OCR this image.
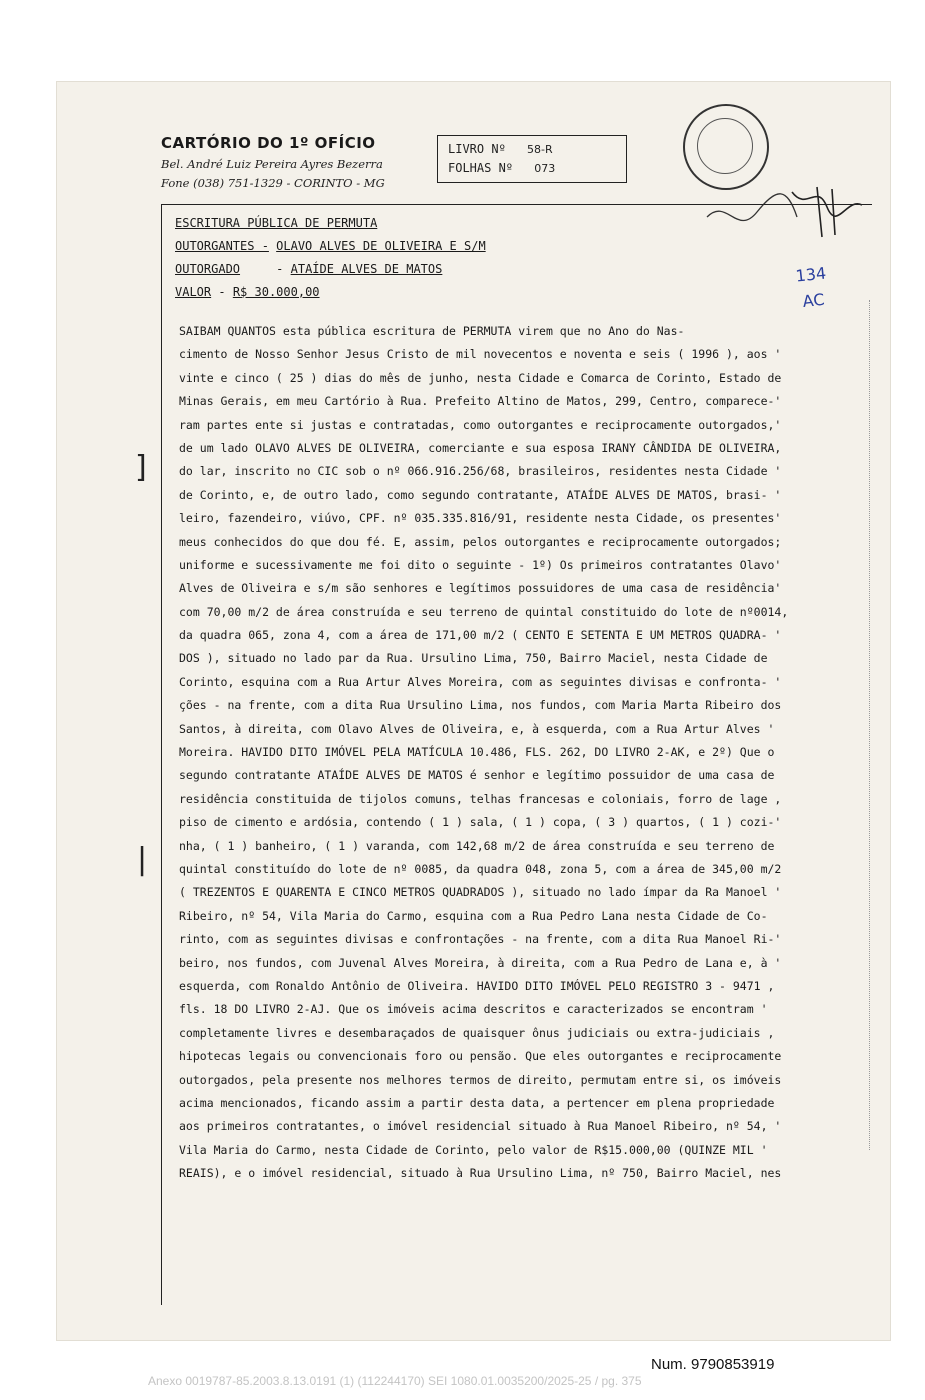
CARTÓRIO DO 1º OFÍCIO
Bel. André Luiz Pereira Ayres Bezerra
Fone (038) 751-1329 - CORINTO - MG
LIVRO Nº 58-R
FOLHAS Nº 073
ESCRITURA PÚBLICA DE PERMUTA
OUTORGANTES - OLAVO ALVES DE OLIVEIRA E S/M
OUTORGADO	- ATAÍDE ALVES DE MATOS
VALOR - R$ 30.000,00
134
AC
]
|
SAIBAM QUANTOS esta pública escritura de PERMUTA virem que no Ano do Nas-
cimento de Nosso Senhor Jesus Cristo de mil novecentos e noventa e seis ( 1996 ), aos '
vinte e cinco ( 25 ) dias do mês de junho, nesta Cidade e Comarca de Corinto, Estado de
Minas Gerais, em meu Cartório à Rua. Prefeito Altino de Matos, 299, Centro, comparece-'
ram partes ente si justas e contratadas, como outorgantes e reciprocamente outorgados,'
de um lado OLAVO ALVES DE OLIVEIRA, comerciante e sua esposa IRANY CÂNDIDA DE OLIVEIRA,
do lar, inscrito no CIC sob o nº 066.916.256/68, brasileiros, residentes nesta Cidade '
de Corinto, e, de outro lado, como segundo contratante, ATAÍDE ALVES DE MATOS, brasi- '
leiro, fazendeiro, viúvo, CPF. nº 035.335.816/91, residente nesta Cidade, os presentes'
meus conhecidos do que dou fé. E, assim, pelos outorgantes e reciprocamente outorgados;
uniforme e sucessivamente me foi dito o seguinte - 1º) Os primeiros contratantes Olavo'
Alves de Oliveira e s/m são senhores e legítimos possuidores de uma casa de residência'
com 70,00 m/2 de área construída e seu terreno de quintal constituido do lote de nº0014,
da quadra 065, zona 4, com a área de 171,00 m/2 ( CENTO E SETENTA E UM METROS QUADRA- '
DOS ), situado no lado par da Rua. Ursulino Lima, 750, Bairro Maciel, nesta Cidade de
Corinto, esquina com a Rua Artur Alves Moreira, com as seguintes divisas e confronta- '
ções - na frente, com a dita Rua Ursulino Lima, nos fundos, com Maria Marta Ribeiro dos
Santos, à direita, com Olavo Alves de Oliveira, e, à esquerda, com a Rua Artur Alves '
Moreira. HAVIDO DITO IMÓVEL PELA MATÍCULA 10.486, FLS. 262, DO LIVRO 2-AK, e 2º) Que o
segundo contratante ATAÍDE ALVES DE MATOS é senhor e legítimo possuidor de uma casa de
residência constituida de tijolos comuns, telhas francesas e coloniais, forro de lage ,
piso de cimento e ardósia, contendo ( 1 ) sala, ( 1 ) copa, ( 3 ) quartos, ( 1 ) cozi-'
nha, ( 1 ) banheiro, ( 1 ) varanda, com 142,68 m/2 de área construída e seu terreno de
quintal constituído do lote de nº 0085, da quadra 048, zona 5, com a área de 345,00 m/2
( TREZENTOS E QUARENTA E CINCO METROS QUADRADOS ), situado no lado ímpar da Ra Manoel '
Ribeiro, nº 54, Vila Maria do Carmo, esquina com a Rua Pedro Lana nesta Cidade de Co-
rinto, com as seguintes divisas e confrontações - na frente, com a dita Rua Manoel Ri-'
beiro, nos fundos, com Juvenal Alves Moreira, à direita, com a Rua Pedro de Lana e, à '
esquerda, com Ronaldo Antônio de Oliveira. HAVIDO DITO IMÓVEL PELO REGISTRO 3 - 9471 ,
fls. 18 DO LIVRO 2-AJ. Que os imóveis acima descritos e caracterizados se encontram '
completamente livres e desembaraçados de quaisquer ônus judiciais ou extra-judiciais ,
hipotecas legais ou convencionais foro ou pensão. Que eles outorgantes e reciprocamente
outorgados, pela presente nos melhores termos de direito, permutam entre si, os imóveis
acima mencionados, ficando assim a partir desta data, a pertencer em plena propriedade
aos primeiros contratantes, o imóvel residencial situado à Rua Manoel Ribeiro, nº 54, '
Vila Maria do Carmo, nesta Cidade de Corinto, pelo valor de R$15.000,00 (QUINZE MIL '
REAIS), e o imóvel residencial, situado à Rua Ursulino Lima, nº 750, Bairro Maciel, nes
Num. 9790853919
Anexo 0019787-85.2003.8.13.0191 (1) (112244170) SEI 1080.01.0035200/2025-25 / pg. 375
